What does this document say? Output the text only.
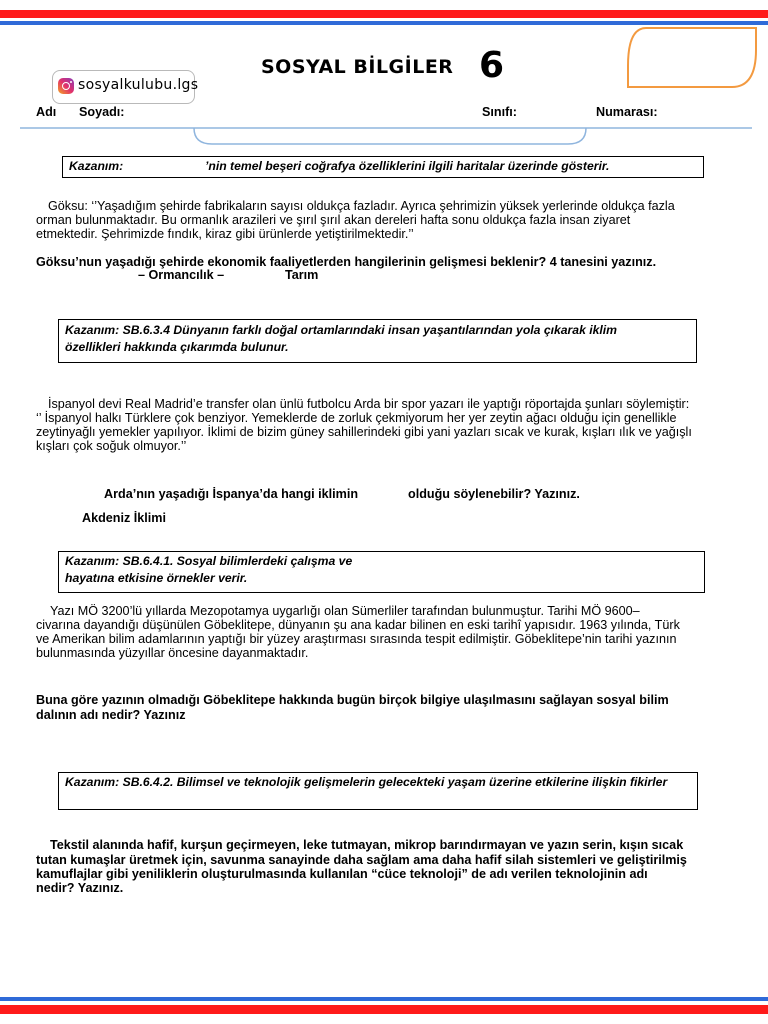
sosyalkulubu.lgs
SOSYAL BİLGİLER 6
Adı Soyadı:	Sınıfı:	Numarası:
Kazanım:	’nin temel beşeri coğrafya özelliklerini ilgili haritalar üzerinde gösterir.
Göksu: ‘’Yaşadığım şehirde fabrikaların sayısı oldukça fazladır. Ayrıca şehrimizin yüksek yerlerinde oldukça fazla
orman bulunmaktadır. Bu ormanlık arazileri ve şırıl şırıl akan dereleri hafta sonu oldukça fazla insan ziyaret
etmektedir. Şehrimizde fındık, kiraz gibi ürünlerde yetiştirilmektedir.’’
Göksu’nun yaşadığı şehirde ekonomik faaliyetlerden hangilerinin gelişmesi beklenir? 4 tanesini yazınız.
– Ormancılık –	Tarım
Kazanım: SB.6.3.4 Dünyanın farklı doğal ortamlarındaki insan yaşantılarından yola çıkarak iklim
özellikleri hakkında çıkarımda bulunur.
İspanyol devi Real Madrid’e transfer olan ünlü futbolcu Arda bir spor yazarı ile yaptığı röportajda şunları söylemiştir:
‘’ İspanyol halkı Türklere çok benziyor. Yemeklerde de zorluk çekmiyorum her yer zeytin ağacı olduğu için genellikle
zeytinyağlı yemekler yapılıyor. İklimi de bizim güney sahillerindeki gibi yani yazları sıcak ve kurak, kışları ılık ve yağışlı
kışları çok soğuk olmuyor.’’
Arda’nın yaşadığı İspanya’da hangi iklimin	olduğu söylenebilir? Yazınız.
Akdeniz İklimi
Kazanım: SB.6.4.1. Sosyal bilimlerdeki çalışma ve
hayatına etkisine örnekler verir.
Yazı MÖ 3200’lü yıllarda Mezopotamya uygarlığı olan Sümerliler tarafından bulunmuştur. Tarihi MÖ 9600–
civarına dayandığı düşünülen Göbeklitepe, dünyanın şu ana kadar bilinen en eski tarihî yapısıdır. 1963 yılında, Türk
ve Amerikan bilim adamlarının yaptığı bir yüzey araştırması sırasında tespit edilmiştir. Göbeklitepe’nin tarihi yazının
bulunmasında yüzyıllar öncesine dayanmaktadır.
Buna göre yazının olmadığı Göbeklitepe hakkında bugün birçok bilgiye ulaşılmasını sağlayan sosyal bilim
dalının adı nedir? Yazınız
Kazanım: SB.6.4.2. Bilimsel ve teknolojik gelişmelerin gelecekteki yaşam üzerine etkilerine ilişkin fikirler
Tekstil alanında hafif, kurşun geçirmeyen, leke tutmayan, mikrop barındırmayan ve yazın serin, kışın sıcak
tutan kumaşlar üretmek için, savunma sanayinde daha sağlam ama daha hafif silah sistemleri ve geliştirilmiş
kamuflajlar gibi yeniliklerin oluşturulmasında kullanılan “cüce teknoloji” de adı verilen teknolojinin adı
nedir? Yazınız.
